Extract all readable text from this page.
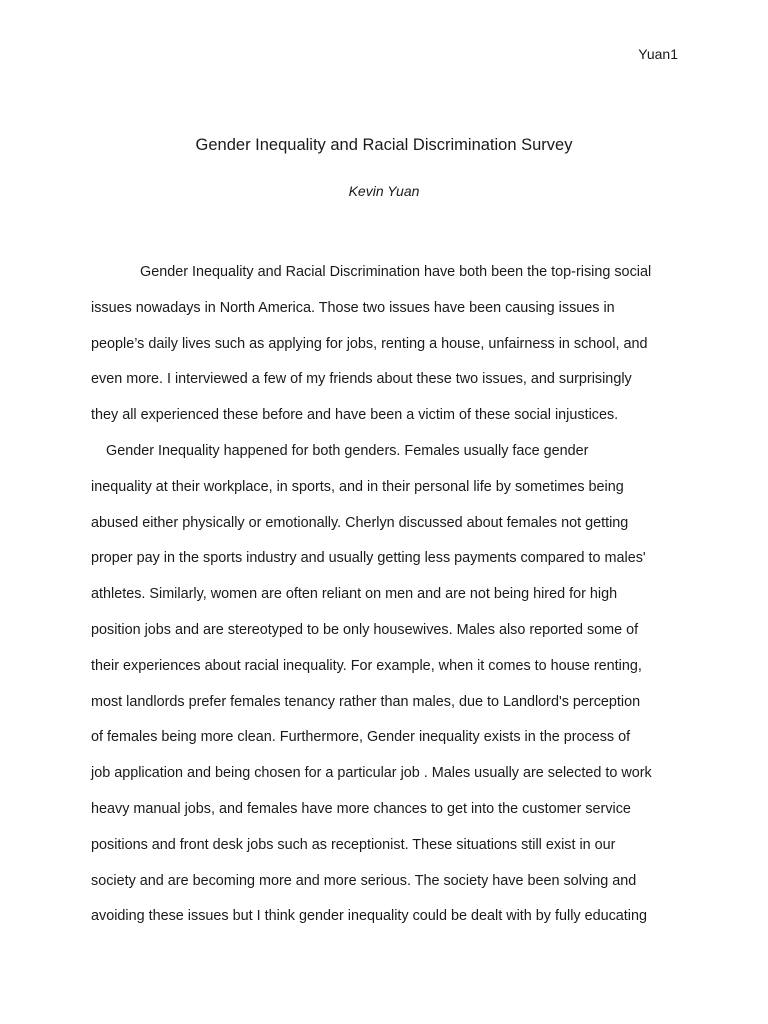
Yuan1
Gender Inequality and Racial Discrimination Survey
Kevin Yuan
Gender Inequality and Racial Discrimination have both been the top-rising social
issues nowadays in North America. Those two issues have been causing issues in
people’s daily lives such as applying for jobs, renting a house, unfairness in school, and
even more. I interviewed a few of my friends about these two issues, and surprisingly
they all experienced these before and have been a victim of these social injustices.
Gender Inequality happened for both genders. Females usually face gender
inequality at their workplace, in sports, and in their personal life by sometimes being
abused either physically or emotionally. Cherlyn discussed about females not getting
proper pay in the sports industry and usually getting less payments compared to males'
athletes. Similarly, women are often reliant on men and are not being hired for high
position jobs and are stereotyped to be only housewives. Males also reported some of
their experiences about racial inequality. For example, when it comes to house renting,
most landlords prefer females tenancy rather than males, due to Landlord's perception
of females being more clean. Furthermore, Gender inequality exists in the process of
job application and being chosen for a particular job . Males usually are selected to work
heavy manual jobs, and females have more chances to get into the customer service
positions and front desk jobs such as receptionist. These situations still exist in our
society and are becoming more and more serious. The society have been solving and
avoiding these issues but I think gender inequality could be dealt with by fully educating
